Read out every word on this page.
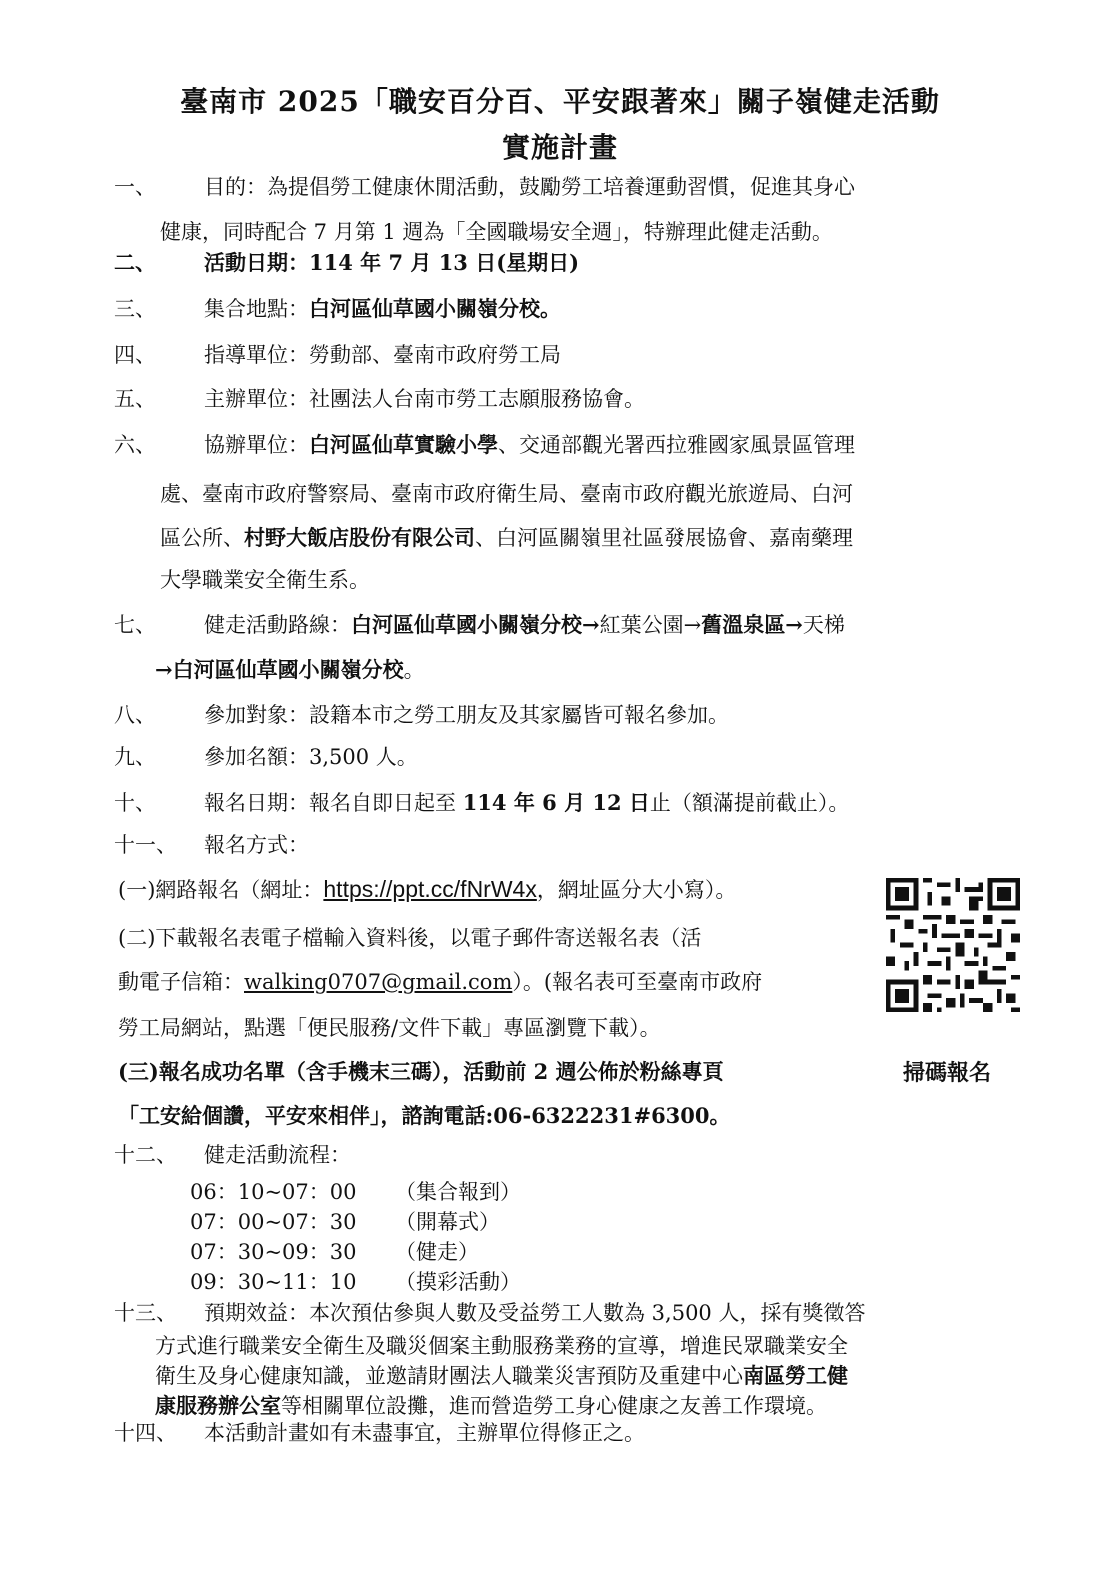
臺南市 2025「職安百分百、平安跟著來」關子嶺健走活動
實施計畫
一、	目的：為提倡勞工健康休閒活動，鼓勵勞工培養運動習慣，促進其身心
健康，同時配合 7 月第 1 週為「全國職場安全週」，特辦理此健走活動。
二、	活動日期：114 年 7 月 13 日(星期日)
三、	集合地點：白河區仙草國小關嶺分校。
四、	指導單位：勞動部、臺南市政府勞工局
五、	主辦單位：社團法人台南市勞工志願服務協會。
六、	協辦單位：白河區仙草實驗小學、交通部觀光署西拉雅國家風景區管理
處、臺南市政府警察局、臺南市政府衛生局、臺南市政府觀光旅遊局、白河
區公所、村野大飯店股份有限公司、白河區關嶺里社區發展協會、嘉南藥理
大學職業安全衛生系。
七、	健走活動路線：白河區仙草國小關嶺分校→紅葉公園→舊溫泉區→天梯
→白河區仙草國小關嶺分校。
八、	參加對象：設籍本市之勞工朋友及其家屬皆可報名參加。
九、	參加名額：3,500 人。
十、	報名日期：報名自即日起至 114 年 6 月 12 日止（額滿提前截止）。
十一、	報名方式：
(一)網路報名（網址：https://ppt.cc/fNrW4x，網址區分大小寫）。
(二)下載報名表電子檔輸入資料後，以電子郵件寄送報名表（活
動電子信箱：walking0707@gmail.com）。(報名表可至臺南市政府
勞工局網站，點選「便民服務/文件下載」專區瀏覽下載）。
(三)報名成功名單（含手機末三碼），活動前 2 週公佈於粉絲專頁
「工安給個讚，平安來相伴」，諮詢電話:06-6322231#6300。
掃碼報名
十二、	健走活動流程：
06：10~07：00 （集合報到）
07：00~07：30 （開幕式）
07：30~09：30 （健走）
09：30~11：10 （摸彩活動）
十三、	預期效益：本次預估參與人數及受益勞工人數為 3,500 人，採有獎徵答
方式進行職業安全衛生及職災個案主動服務業務的宣導，增進民眾職業安全
衛生及身心健康知識，並邀請財團法人職業災害預防及重建中心南區勞工健
康服務辦公室等相關單位設攤，進而營造勞工身心健康之友善工作環境。
十四、	本活動計畫如有未盡事宜，主辦單位得修正之。
